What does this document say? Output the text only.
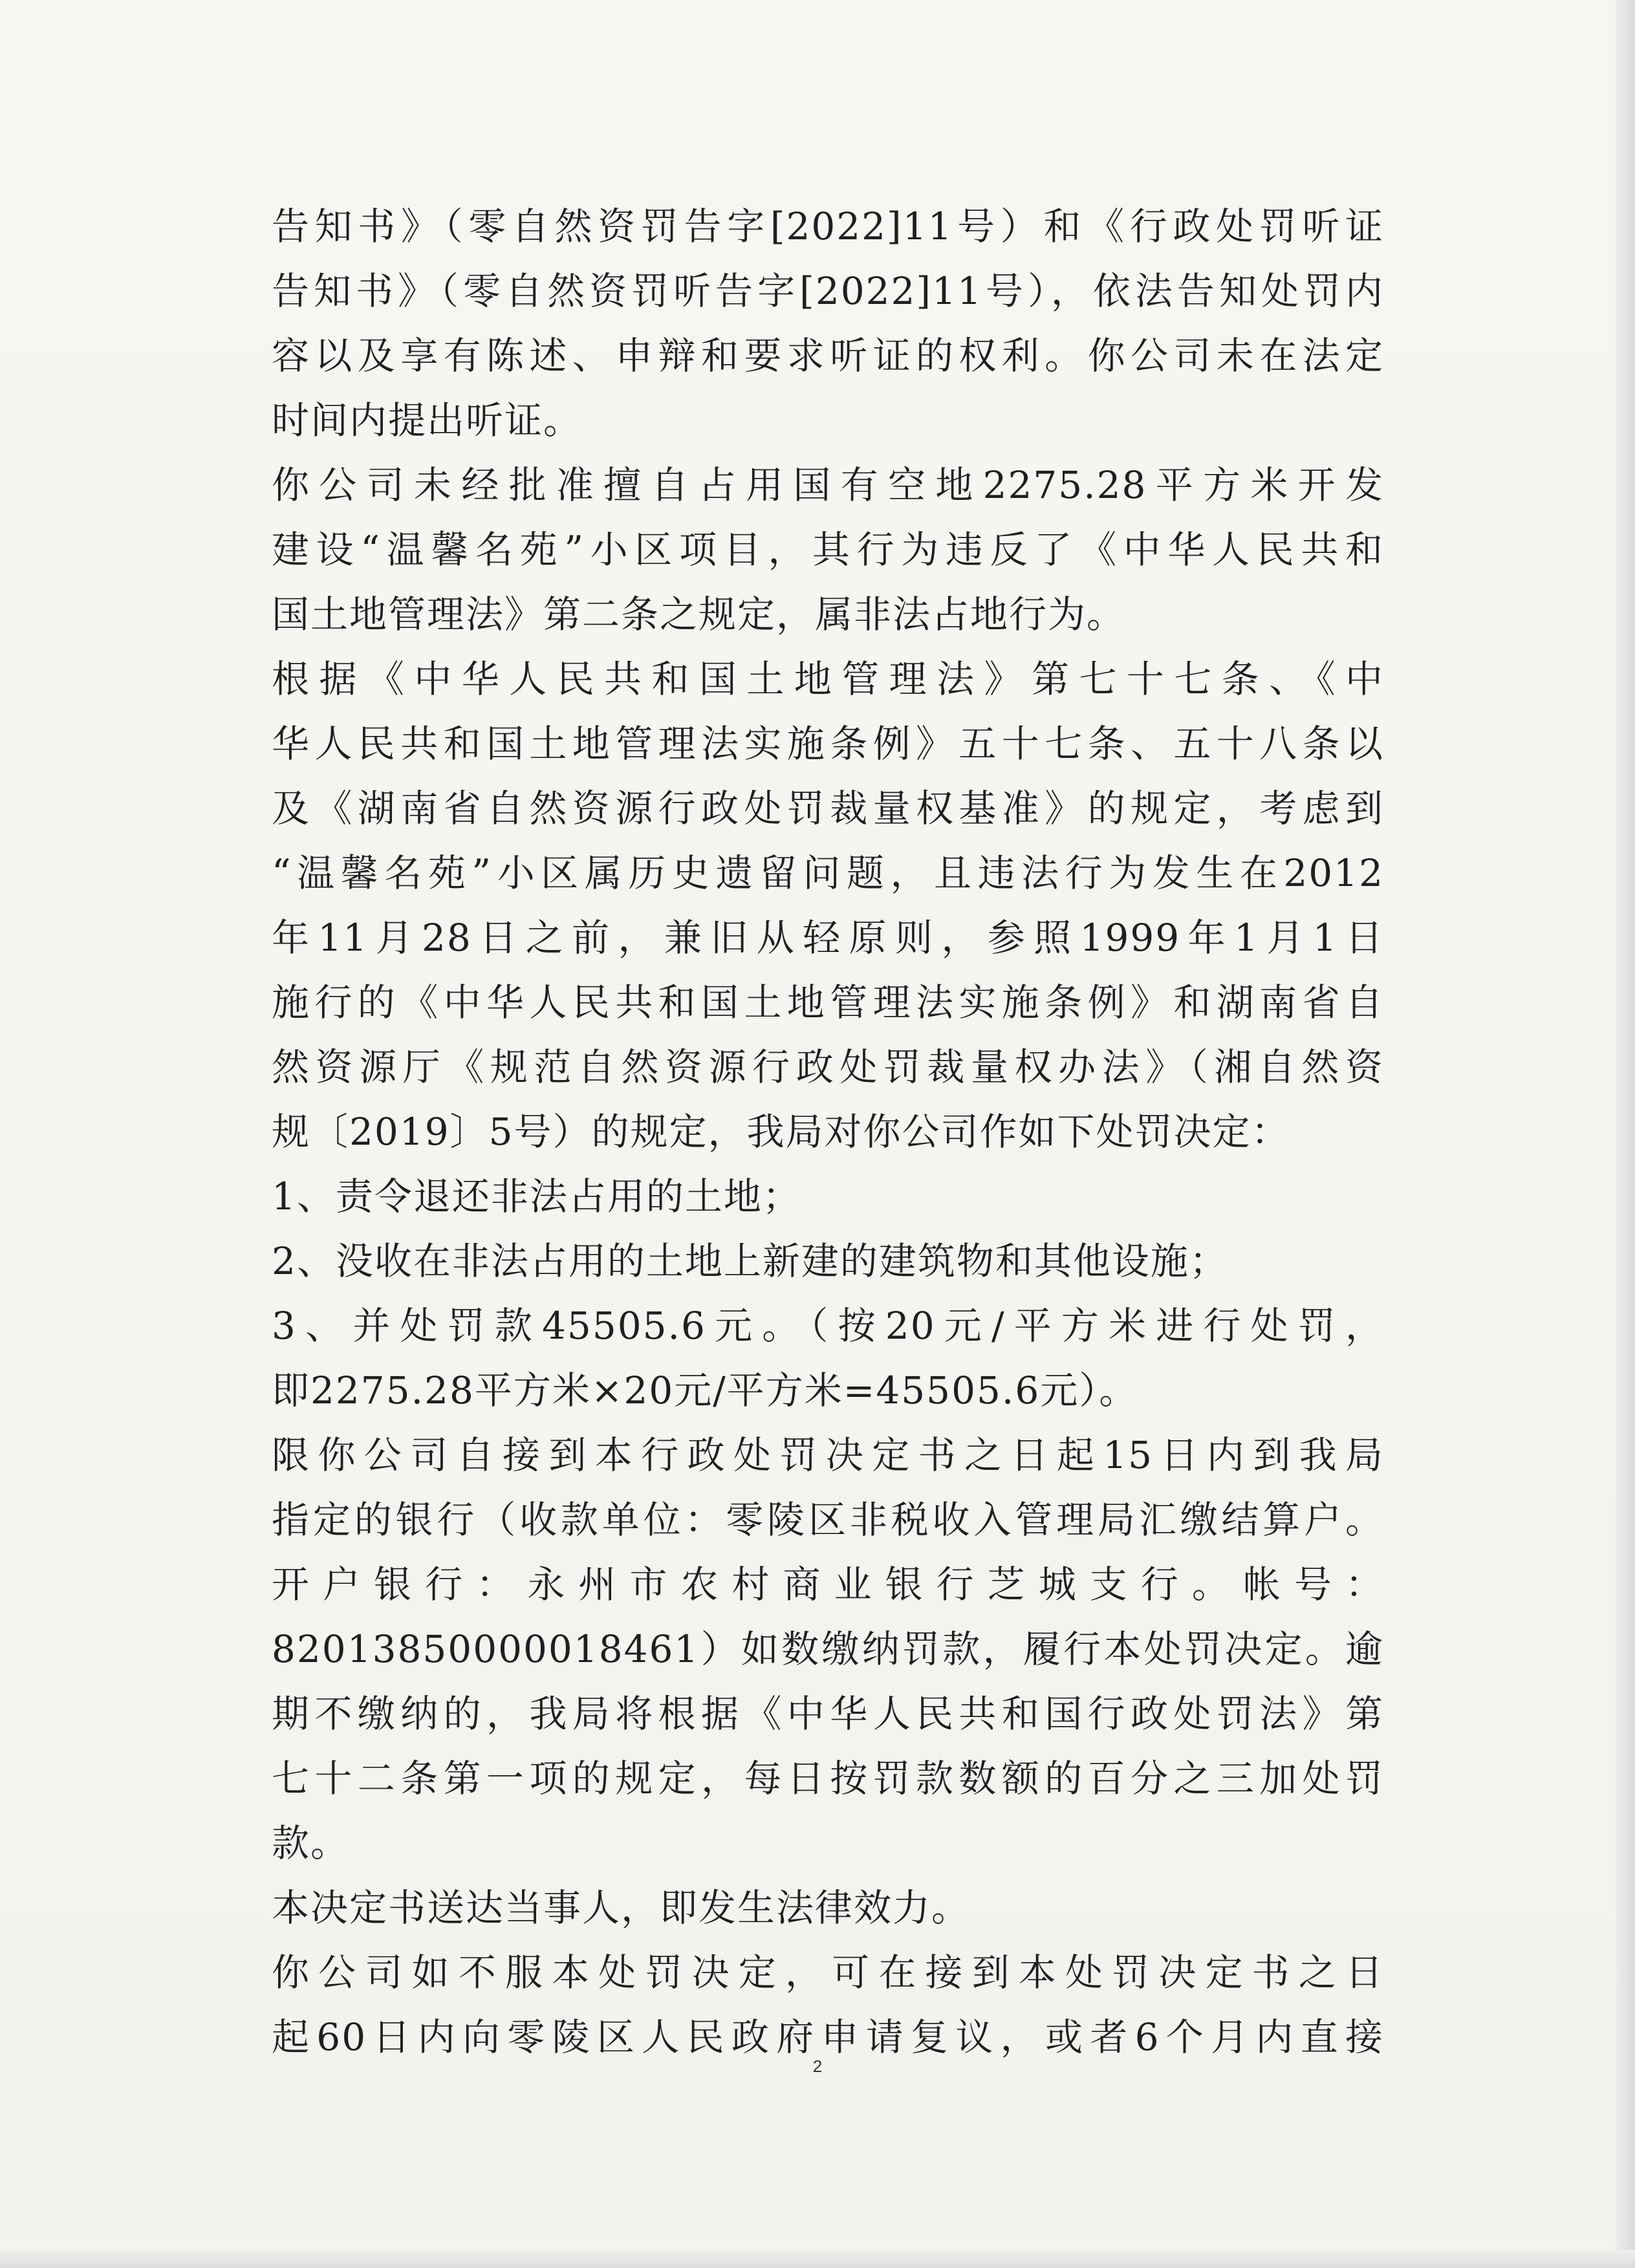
告知书》（零自然资罚告字[2022]11号）和《行政处罚听证
告知书》（零自然资罚听告字[2022]11号），依法告知处罚内
容以及享有陈述、申辩和要求听证的权利。你公司未在法定
时间内提出听证。
你公司未经批准擅自占用国有空地2275.28平方米开发
建设“温馨名苑”小区项目，其行为违反了《中华人民共和
国土地管理法》第二条之规定，属非法占地行为。
根据《中华人民共和国土地管理法》第七十七条、《中
华人民共和国土地管理法实施条例》五十七条、五十八条以
及《湖南省自然资源行政处罚裁量权基准》的规定，考虑到
“温馨名苑”小区属历史遗留问题，且违法行为发生在2012
年11月28日之前，兼旧从轻原则，参照1999年1月1日
施行的《中华人民共和国土地管理法实施条例》和湖南省自
然资源厅《规范自然资源行政处罚裁量权办法》（湘自然资
规〔2019〕5号）的规定，我局对你公司作如下处罚决定：
1、责令退还非法占用的土地；
2、没收在非法占用的土地上新建的建筑物和其他设施；
3、并处罚款45505.6元。（按20元/平方米进行处罚，
即2275.28平方米×20元/平方米=45505.6元）。
限你公司自接到本行政处罚决定书之日起15日内到我局
指定的银行（收款单位：零陵区非税收入管理局汇缴结算户。
开户银行：永州市农村商业银行芝城支行。帐号：
82013850000018461）如数缴纳罚款，履行本处罚决定。逾
期不缴纳的，我局将根据《中华人民共和国行政处罚法》第
七十二条第一项的规定，每日按罚款数额的百分之三加处罚
款。
本决定书送达当事人，即发生法律效力。
你公司如不服本处罚决定，可在接到本处罚决定书之日
起60日内向零陵区人民政府申请复议，或者6个月内直接
2
